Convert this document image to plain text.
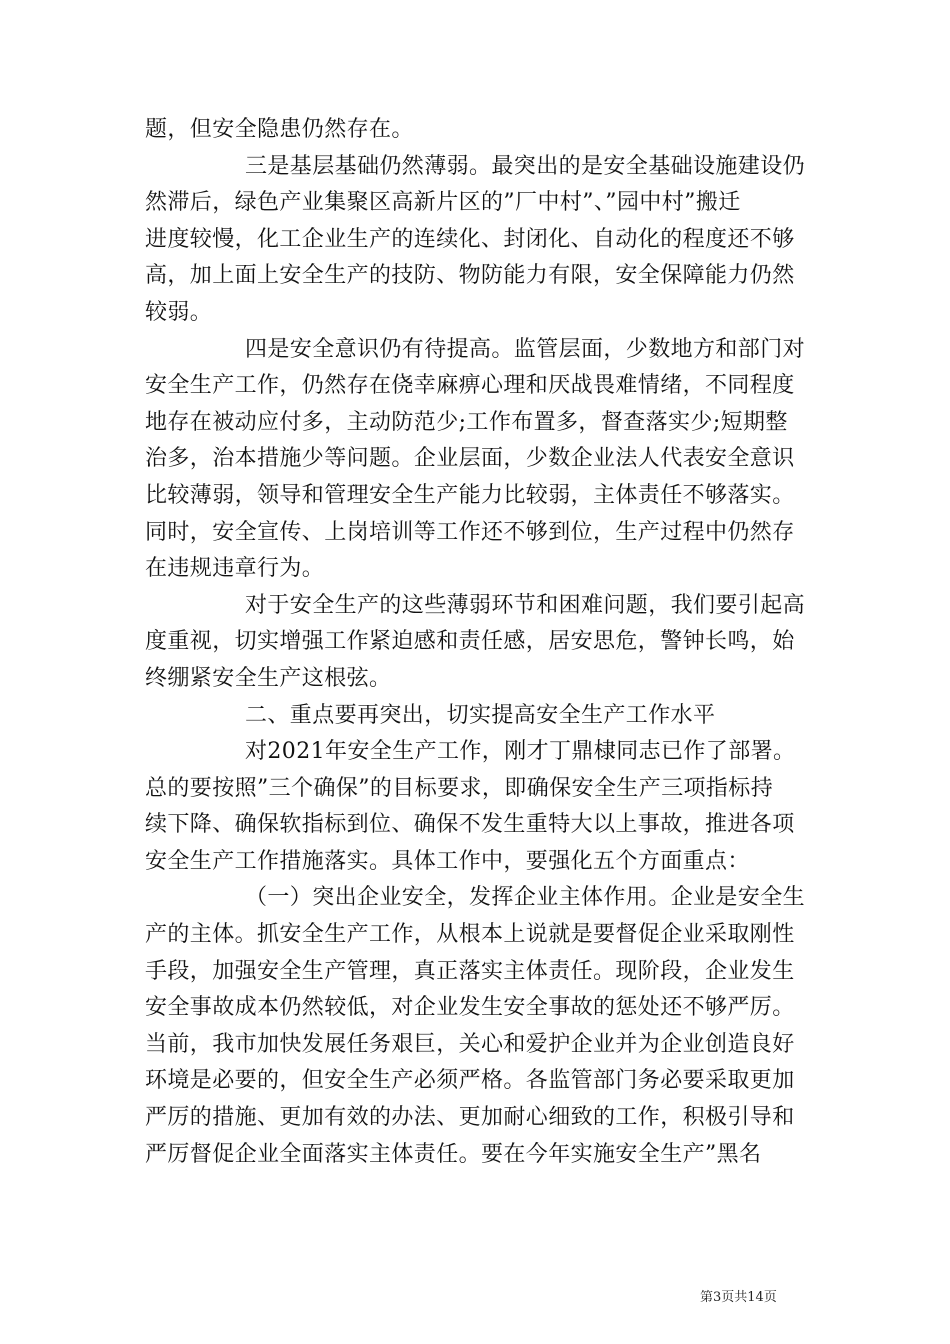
题，但安全隐患仍然存在。
三是基层基础仍然薄弱。最突出的是安全基础设施建设仍
然滞后，绿色产业集聚区高新片区的”厂中村”、”园中村”搬迁
进度较慢，化工企业生产的连续化、封闭化、自动化的程度还不够
高，加上面上安全生产的技防、物防能力有限，安全保障能力仍然
较弱。
四是安全意识仍有待提高。监管层面，少数地方和部门对
安全生产工作，仍然存在侥幸麻痹心理和厌战畏难情绪，不同程度
地存在被动应付多，主动防范少;工作布置多，督查落实少;短期整
治多，治本措施少等问题。企业层面，少数企业法人代表安全意识
比较薄弱，领导和管理安全生产能力比较弱，主体责任不够落实。
同时，安全宣传、上岗培训等工作还不够到位，生产过程中仍然存
在违规违章行为。
对于安全生产的这些薄弱环节和困难问题，我们要引起高
度重视，切实增强工作紧迫感和责任感，居安思危，警钟长鸣，始
终绷紧安全生产这根弦。
二、重点要再突出，切实提高安全生产工作水平
对2021年安全生产工作，刚才丁鼎棣同志已作了部署。
总的要按照”三个确保”的目标要求，即确保安全生产三项指标持
续下降、确保软指标到位、确保不发生重特大以上事故，推进各项
安全生产工作措施落实。具体工作中，要强化五个方面重点：
（一）突出企业安全，发挥企业主体作用。企业是安全生
产的主体。抓安全生产工作，从根本上说就是要督促企业采取刚性
手段，加强安全生产管理，真正落实主体责任。现阶段，企业发生
安全事故成本仍然较低，对企业发生安全事故的惩处还不够严厉。
当前，我市加快发展任务艰巨，关心和爱护企业并为企业创造良好
环境是必要的，但安全生产必须严格。各监管部门务必要采取更加
严厉的措施、更加有效的办法、更加耐心细致的工作，积极引导和
严厉督促企业全面落实主体责任。要在今年实施安全生产”黑名
第3页共14页
